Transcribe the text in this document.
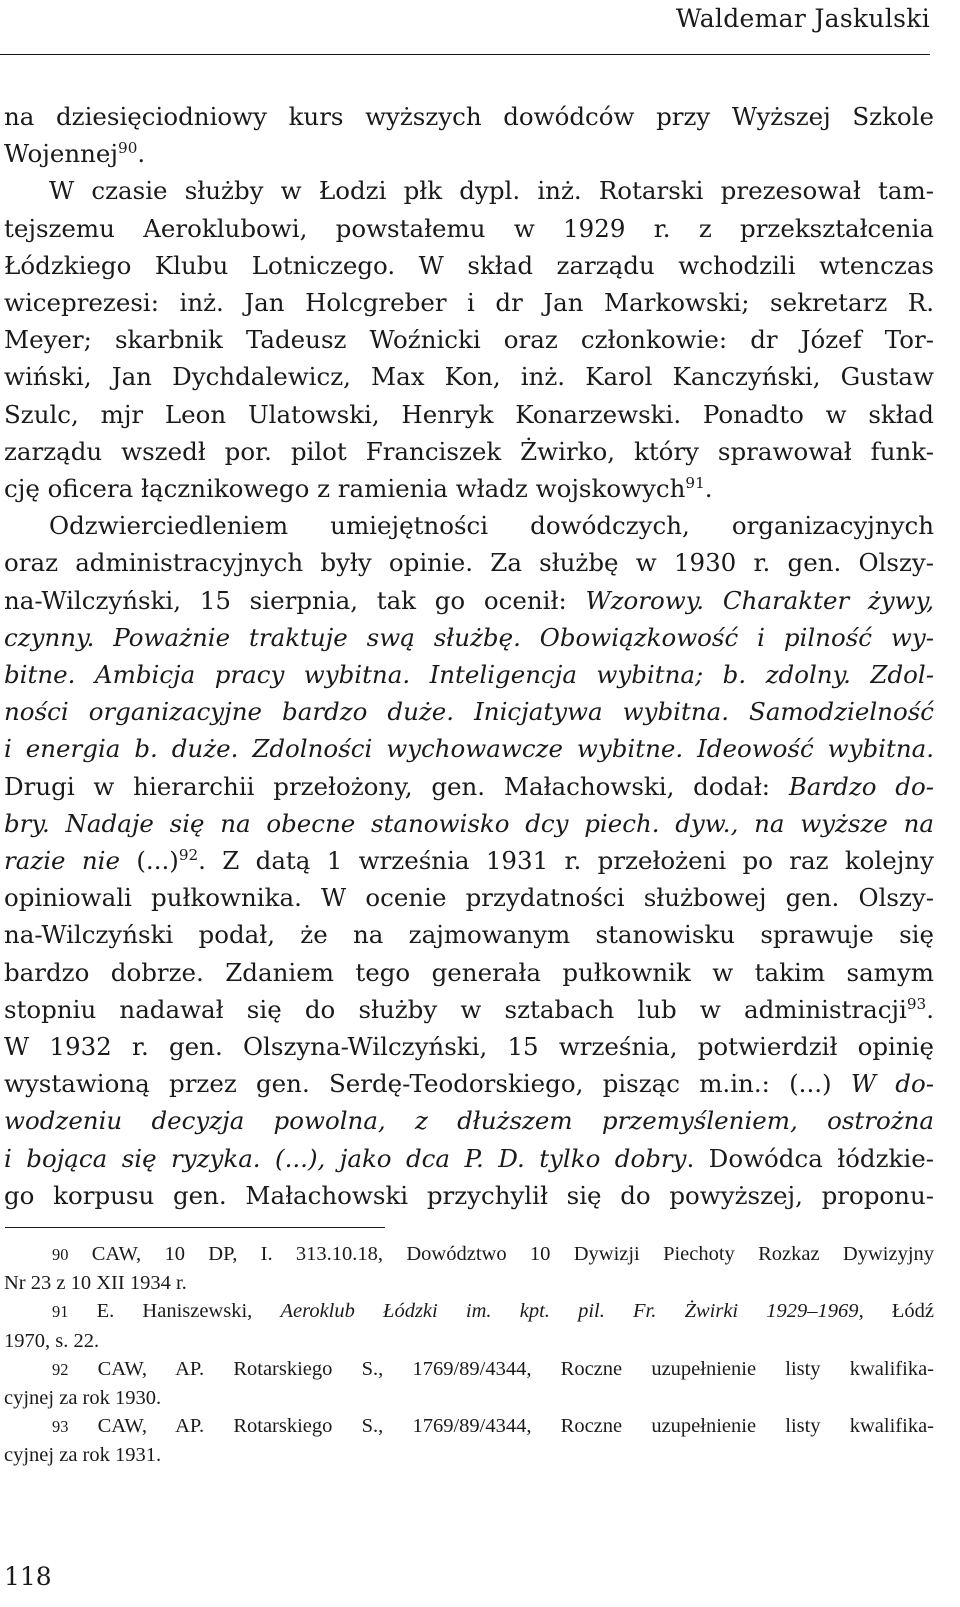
Waldemar Jaskulski
na dziesięciodniowy kurs wyższych dowódców przy Wyższej Szkole
Wojennej$^{90}$.
W czasie służby w Łodzi płk dypl. inż. Rotarski prezesował tam-
tejszemu Aeroklubowi, powstałemu w 1929 r. z przekształcenia
Łódzkiego Klubu Lotniczego. W skład zarządu wchodzili wtenczas
wiceprezesi: inż. Jan Holcgreber i dr Jan Markowski; sekretarz R.
Meyer; skarbnik Tadeusz Woźnicki oraz członkowie: dr Józef Tor-
wiński, Jan Dychdalewicz, Max Kon, inż. Karol Kanczyński, Gustaw
Szulc, mjr Leon Ulatowski, Henryk Konarzewski. Ponadto w skład
zarządu wszedł por. pilot Franciszek Żwirko, który sprawował funk-
cję oficera łącznikowego z ramienia władz wojskowych$^{91}$.
Odzwierciedleniem umiejętności dowódczych, organizacyjnych
oraz administracyjnych były opinie. Za służbę w 1930 r. gen. Olszy-
na-Wilczyński, 15 sierpnia, tak go ocenił: Wzorowy. Charakter żywy,
czynny. Poważnie traktuje swą służbę. Obowiązkowość i pilność wy-
bitne. Ambicja pracy wybitna. Inteligencja wybitna; b. zdolny. Zdol-
ności organizacyjne bardzo duże. Inicjatywa wybitna. Samodzielność
i energia b. duże. Zdolności wychowawcze wybitne. Ideowość wybitna.
Drugi w hierarchii przełożony, gen. Małachowski, dodał: Bardzo do-
bry. Nadaje się na obecne stanowisko dcy piech. dyw., na wyższe na
razie nie (...)$^{92}$. Z datą 1 września 1931 r. przełożeni po raz kolejny
opiniowali pułkownika. W ocenie przydatności służbowej gen. Olszy-
na-Wilczyński podał, że na zajmowanym stanowisku sprawuje się
bardzo dobrze. Zdaniem tego generała pułkownik w takim samym
stopniu nadawał się do służby w sztabach lub w administracji$^{93}$.
W 1932 r. gen. Olszyna-Wilczyński, 15 września, potwierdził opinię
wystawioną przez gen. Serdę-Teodorskiego, pisząc m.in.: (...) W do-
wodzeniu decyzja powolna, z dłuższem przemyśleniem, ostrożna
i bojąca się ryzyka. (...), jako dca P. D. tylko dobry. Dowódca łódzkie-
go korpusu gen. Małachowski przychylił się do powyższej, proponu-
90 CAW, 10 DP, I. 313.10.18, Dowództwo 10 Dywizji Piechoty Rozkaz Dywizyjny
Nr 23 z 10 XII 1934 r.
91 E. Haniszewski, Aeroklub Łódzki im. kpt. pil. Fr. Żwirki 1929–1969, Łódź
1970, s. 22.
92 CAW, AP. Rotarskiego S., 1769/89/4344, Roczne uzupełnienie listy kwalifika-
cyjnej za rok 1930.
93 CAW, AP. Rotarskiego S., 1769/89/4344, Roczne uzupełnienie listy kwalifika-
cyjnej za rok 1931.
118
